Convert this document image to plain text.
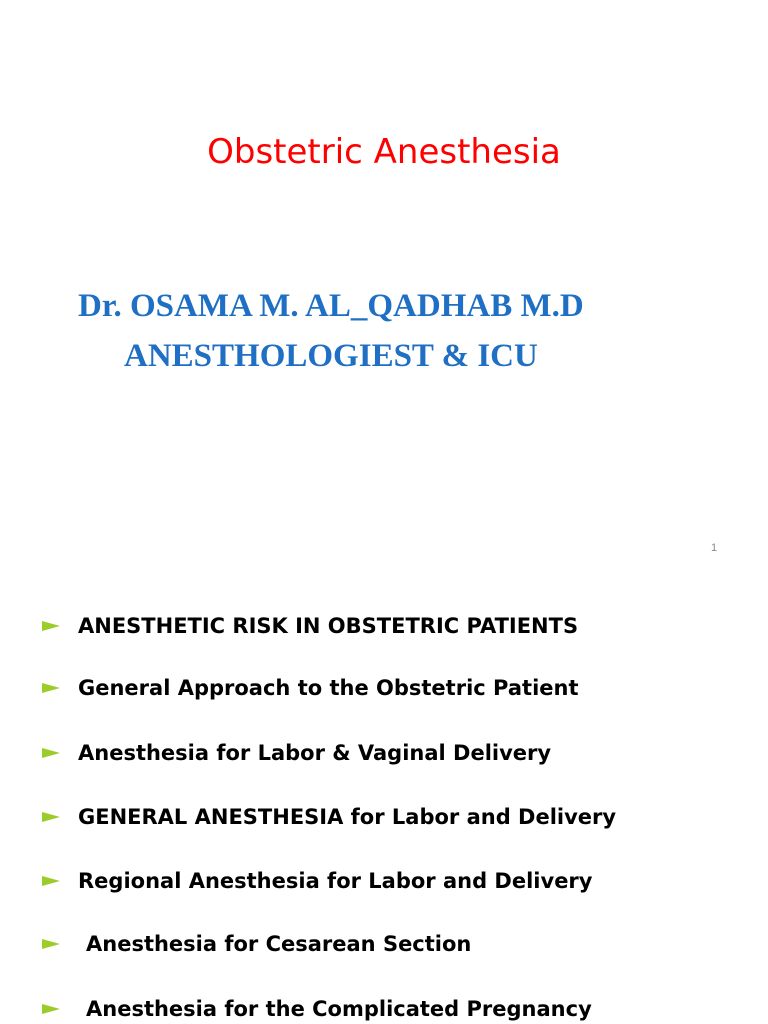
Obstetric Anesthesia
Dr. OSAMA M. AL_QADHAB M.D
ANESTHOLOGIEST & ICU
1
ANESTHETIC RISK IN OBSTETRIC PATIENTS
General Approach to the Obstetric Patient
Anesthesia for Labor & Vaginal Delivery
GENERAL ANESTHESIA for Labor and Delivery
Regional Anesthesia for Labor and Delivery
Anesthesia for Cesarean Section
Anesthesia for the Complicated Pregnancy
